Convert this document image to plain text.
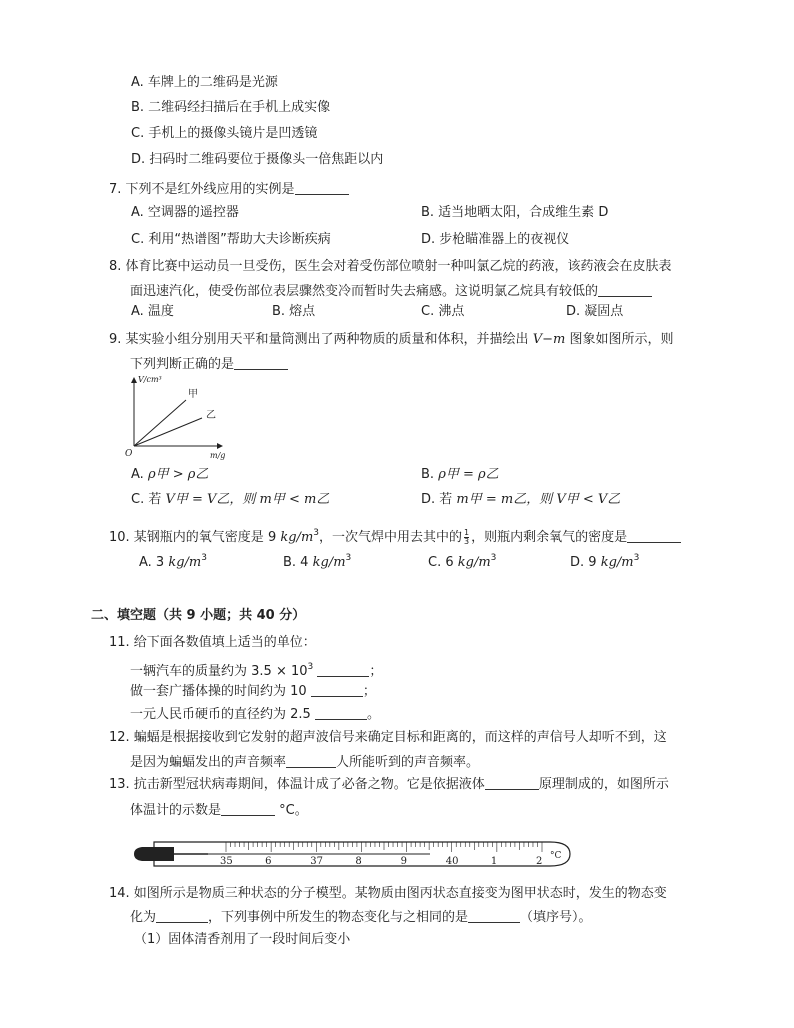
A. 车牌上的二维码是光源
B. 二维码经扫描后在手机上成实像
C. 手机上的摄像头镜片是凹透镜
D. 扫码时二维码要位于摄像头一倍焦距以内
7. 下列不是红外线应用的实例是
A. 空调器的遥控器	B. 适当地晒太阳，合成维生素 D
C. 利用“热谱图”帮助大夫诊断疾病	D. 步枪瞄准器上的夜视仪
8. 体育比赛中运动员一旦受伤，医生会对着受伤部位喷射一种叫氯乙烷的药液，该药液会在皮肤表
面迅速汽化，使受伤部位表层骤然变冷而暂时失去痛感。这说明氯乙烷具有较低的
A. 温度	B. 熔点	C. 沸点	D. 凝固点
9. 某实验小组分别用天平和量筒测出了两种物质的质量和体积，并描绘出 V−m 图象如图所示，则
下列判断正确的是
V/cm³
m/g
O
甲
乙
A. ρ甲 > ρ乙	B. ρ甲 = ρ乙
C. 若 V甲 = V乙，则 m甲 < m乙	D. 若 m甲 = m乙，则 V甲 < V乙
10. 某钢瓶内的氧气密度是 9 $kg/m^3$，一次气焊中用去其中的 $\frac{1}{3}$ ，则瓶内剩余氧气的密度是
A. 3 $kg/m^3$	B. 4 $kg/m^3$	C. 6 $kg/m^3$	D. 9 $kg/m^3$
二、填空题（共 9 小题；共 40 分）
11. 给下面各数值填上适当的单位：
一辆汽车的质量约为 $3.5 \times 10^3$	；
做一套广播体操的时间约为 10	；
一元人民币硬币的直径约为 2.5	。
12. 蝙蝠是根据接收到它发射的超声波信号来确定目标和距离的，而这样的声信号人却听不到，这
是因为蝙蝠发出的声音频率	人所能听到的声音频率。
13. 抗击新型冠状病毒期间，体温计成了必备之物。它是依据液体	原理制成的，如图所示
体温计的示数是	°C。
35	6	37	8	9	40	1	2 °C
14. 如图所示是物质三种状态的分子模型。某物质由图丙状态直接变为图甲状态时，发生的物态变
化为	，下列事例中所发生的物态变化与之相同的是	（填序号）。
（1）固体清香剂用了一段时间后变小
